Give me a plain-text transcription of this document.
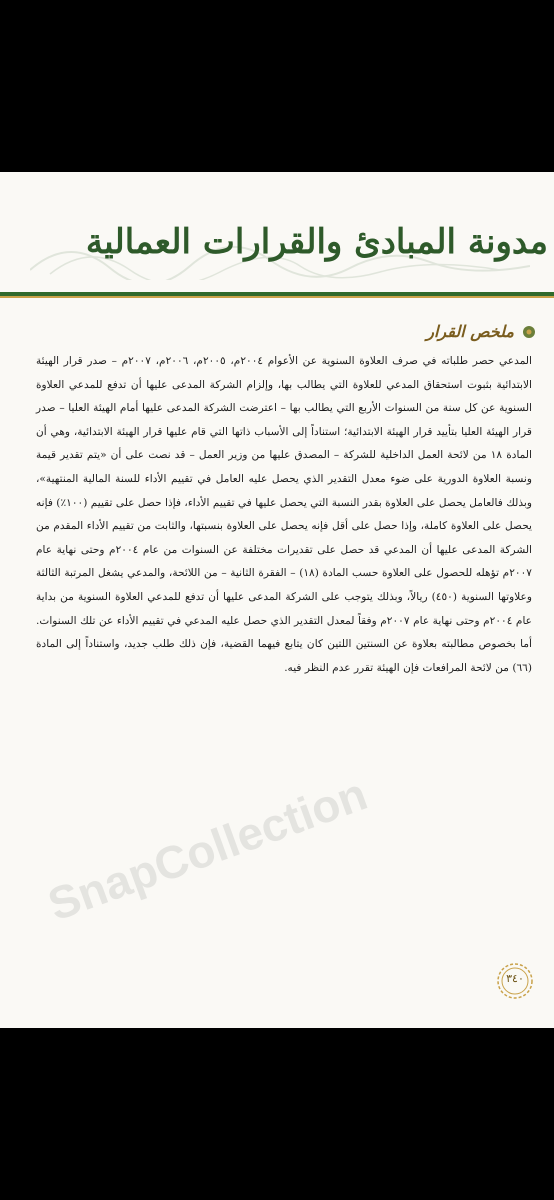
مدونة المبادئ والقرارات العمالية
ملخص القرار
المدعي حصر طلباته في صرف العلاوة السنوية عن الأعوام ٢٠٠٤م، ٢٠٠٥م، ٢٠٠٦م، ٢٠٠٧م – صدر قرار الهيئة الابتدائية بثبوت استحقاق المدعي للعلاوة التي يطالب بها، وإلزام الشركة المدعى عليها أن تدفع للمدعي العلاوة السنوية عن كل سنة من السنوات الأربع التي يطالب بها – اعترضت الشركة المدعى عليها أمام الهيئة العليا – صدر قرار الهيئة العليا بتأييد قرار الهيئة الابتدائية؛ استناداً إلى الأسباب ذاتها التي قام عليها قرار الهيئة الابتدائية، وهي أن المادة ١٨ من لائحة العمل الداخلية للشركة – المصدق عليها من وزير العمل – قد نصت على أن «يتم تقدير قيمة ونسبة العلاوة الدورية على ضوء معدل التقدير الذي يحصل عليه العامل في تقييم الأداء للسنة المالية المنتهية»، وبذلك فالعامل يحصل على العلاوة بقدر النسبة التي يحصل عليها في تقييم الأداء، فإذا حصل على تقييم (١٠٠٪) فإنه يحصل على العلاوة كاملة، وإذا حصل على أقل فإنه يحصل على العلاوة بنسبتها، والثابت من تقييم الأداء المقدم من الشركة المدعى عليها أن المدعي قد حصل على تقديرات مختلفة عن السنوات من عام ٢٠٠٤م وحتى نهاية عام ٢٠٠٧م تؤهله للحصول على العلاوة حسب المادة (١٨) – الفقرة الثانية – من اللائحة، والمدعي يشغل المرتبة الثالثة وعلاوتها السنوية (٤٥٠) ريالاً، وبذلك يتوجب على الشركة المدعى عليها أن تدفع للمدعي العلاوة السنوية من بداية عام ٢٠٠٤م وحتى نهاية عام ٢٠٠٧م وفقاً لمعدل التقدير الذي حصل عليه المدعي في تقييم الأداء عن تلك السنوات. أما بخصوص مطالبته بعلاوة عن السنتين اللتين كان يتابع فيهما القضية، فإن ذلك طلب جديد، واستناداً إلى المادة (٦٦) من لائحة المرافعات فإن الهيئة تقرر عدم النظر فيه.
SnapCollection
٣٤٠
